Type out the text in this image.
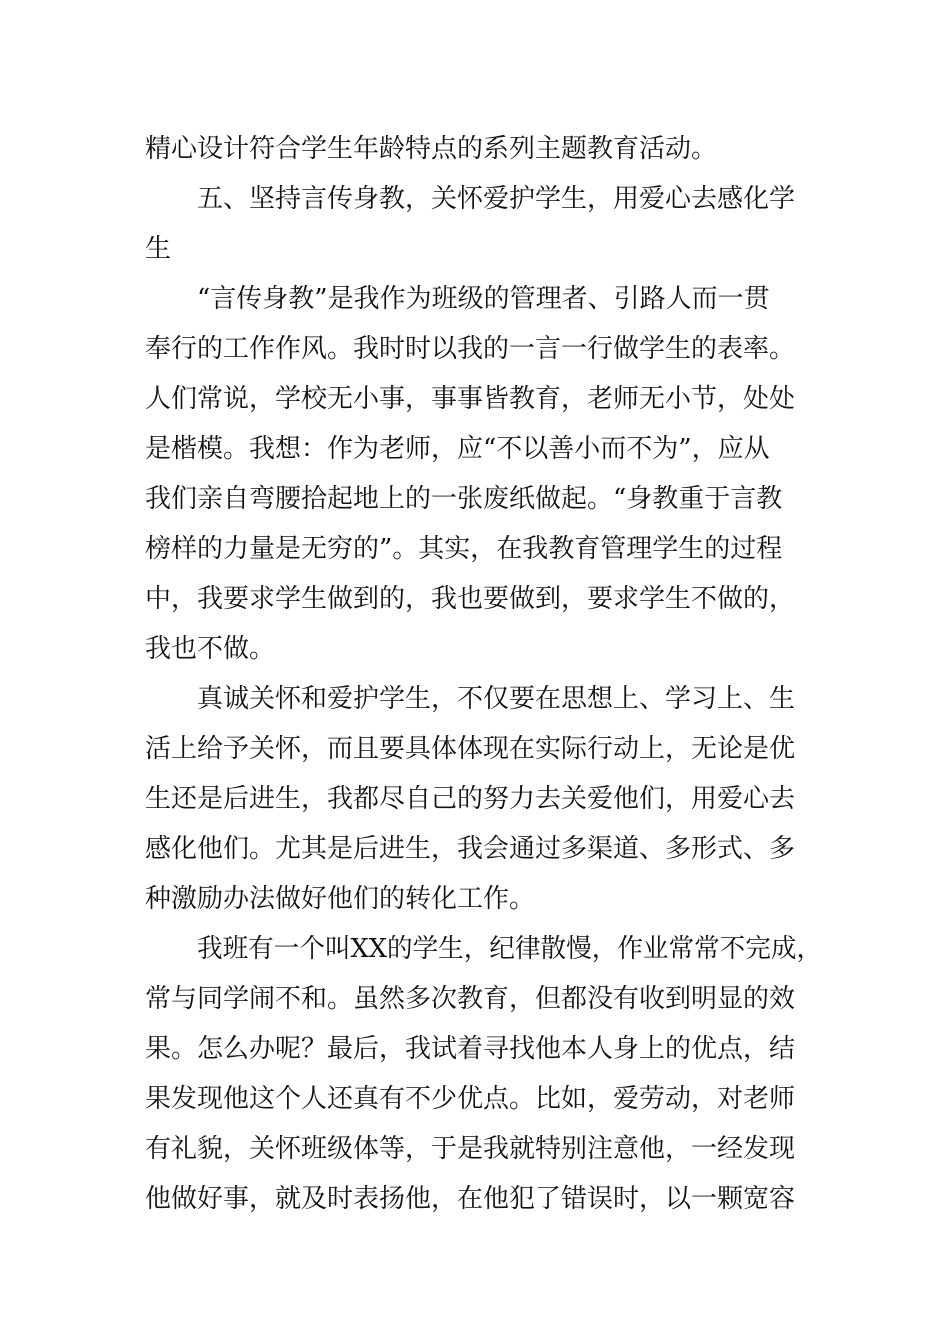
精心设计符合学生年龄特点的系列主题教育活动。
五、坚持言传身教，关怀爱护学生，用爱心去感化学
生
“言传身教”是我作为班级的管理者、引路人而一贯
奉行的工作作风。我时时以我的一言一行做学生的表率。
人们常说，学校无小事，事事皆教育，老师无小节，处处
是楷模。我想：作为老师，应“不以善小而不为”，应从
我们亲自弯腰拾起地上的一张废纸做起。“身教重于言教
榜样的力量是无穷的”。其实，在我教育管理学生的过程
中，我要求学生做到的，我也要做到，要求学生不做的，
我也不做。
真诚关怀和爱护学生，不仅要在思想上、学习上、生
活上给予关怀，而且要具体体现在实际行动上，无论是优
生还是后进生，我都尽自己的努力去关爱他们，用爱心去
感化他们。尤其是后进生，我会通过多渠道、多形式、多
种激励办法做好他们的转化工作。
我班有一个叫XX的学生，纪律散慢，作业常常不完成，
常与同学闹不和。虽然多次教育，但都没有收到明显的效
果。怎么办呢？最后，我试着寻找他本人身上的优点，结
果发现他这个人还真有不少优点。比如，爱劳动，对老师
有礼貌，关怀班级体等，于是我就特别注意他，一经发现
他做好事，就及时表扬他，在他犯了错误时，以一颗宽容
